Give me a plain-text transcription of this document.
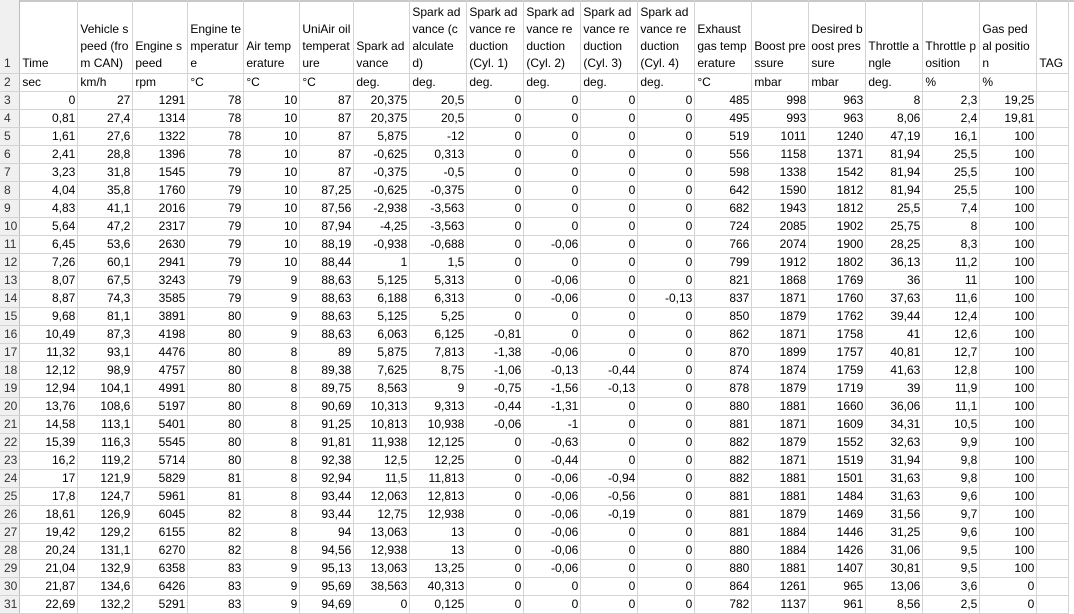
1	Time	Vehicle speed (from CAN)	Engine speed	Engine temperature	Air temperature	UniAir oil temperature	Spark advance	Spark advance (calculated)	Spark advance reduction (Cyl. 1)	Spark advance reduction (Cyl. 2)	Spark advance reduction (Cyl. 3)	Spark advance reduction (Cyl. 4)	Exhaust gas temperature	Boost pressure	Desired boost pressure	Throttle angle	Throttle position	Gas pedal position	TAG
2	sec	km/h	rpm	°C	°C	°C	deg.	deg.	deg.	deg.	deg.	deg.	°C	mbar	mbar	deg.	%	%	
3	0	27	1291	78	10	87	20,375	20,5	0	0	0	0	485	998	963	8	2,3	19,25	
4	0,81	27,4	1314	78	10	87	20,375	20,5	0	0	0	0	495	993	963	8,06	2,4	19,81	
5	1,61	27,6	1322	78	10	87	5,875	-12	0	0	0	0	519	1011	1240	47,19	16,1	100	
6	2,41	28,8	1396	78	10	87	-0,625	0,313	0	0	0	0	556	1158	1371	81,94	25,5	100	
7	3,23	31,8	1545	79	10	87	-0,375	-0,5	0	0	0	0	598	1338	1542	81,94	25,5	100	
8	4,04	35,8	1760	79	10	87,25	-0,625	-0,375	0	0	0	0	642	1590	1812	81,94	25,5	100	
9	4,83	41,1	2016	79	10	87,56	-2,938	-3,563	0	0	0	0	682	1943	1812	25,5	7,4	100	
10	5,64	47,2	2317	79	10	87,94	-4,25	-3,563	0	0	0	0	724	2085	1902	25,75	8	100	
11	6,45	53,6	2630	79	10	88,19	-0,938	-0,688	0	-0,06	0	0	766	2074	1900	28,25	8,3	100	
12	7,26	60,1	2941	79	10	88,44	1	1,5	0	0	0	0	799	1912	1802	36,13	11,2	100	
13	8,07	67,5	3243	79	9	88,63	5,125	5,313	0	-0,06	0	0	821	1868	1769	36	11	100	
14	8,87	74,3	3585	79	9	88,63	6,188	6,313	0	-0,06	0	-0,13	837	1871	1760	37,63	11,6	100	
15	9,68	81,1	3891	80	9	88,63	5,125	5,25	0	0	0	0	850	1879	1762	39,44	12,4	100	
16	10,49	87,3	4198	80	9	88,63	6,063	6,125	-0,81	0	0	0	862	1871	1758	41	12,6	100	
17	11,32	93,1	4476	80	8	89	5,875	7,813	-1,38	-0,06	0	0	870	1899	1757	40,81	12,7	100	
18	12,12	98,9	4757	80	8	89,38	7,625	8,75	-1,06	-0,13	-0,44	0	874	1874	1759	41,63	12,8	100	
19	12,94	104,1	4991	80	8	89,75	8,563	9	-0,75	-1,56	-0,13	0	878	1879	1719	39	11,9	100	
20	13,76	108,6	5197	80	8	90,69	10,313	9,313	-0,44	-1,31	0	0	880	1881	1660	36,06	11,1	100	
21	14,58	113,1	5401	80	8	91,25	10,813	10,938	-0,06	-1	0	0	881	1871	1609	34,31	10,5	100	
22	15,39	116,3	5545	80	8	91,81	11,938	12,125	0	-0,63	0	0	882	1879	1552	32,63	9,9	100	
23	16,2	119,2	5714	80	8	92,38	12,5	12,25	0	-0,44	0	0	882	1871	1519	31,94	9,8	100	
24	17	121,9	5829	81	8	92,94	11,5	11,813	0	-0,06	-0,94	0	882	1881	1501	31,63	9,8	100	
25	17,8	124,7	5961	81	8	93,44	12,063	12,813	0	-0,06	-0,56	0	881	1881	1484	31,63	9,6	100	
26	18,61	126,9	6045	82	8	93,44	12,75	12,938	0	-0,06	-0,19	0	881	1879	1469	31,56	9,7	100	
27	19,42	129,2	6155	82	8	94	13,063	13	0	-0,06	0	0	881	1884	1446	31,25	9,6	100	
28	20,24	131,1	6270	82	8	94,56	12,938	13	0	-0,06	0	0	880	1884	1426	31,06	9,5	100	
29	21,04	132,9	6358	83	9	95,13	13,063	13,25	0	-0,06	0	0	880	1881	1407	30,81	9,5	100	
30	21,87	134,6	6426	83	9	95,69	38,563	40,313	0	0	0	0	864	1261	965	13,06	3,6	0	
31	22,69	132,2	5291	83	9	94,69	0	0,125	0	0	0	0	782	1137	961	8,56	2,5	0	
